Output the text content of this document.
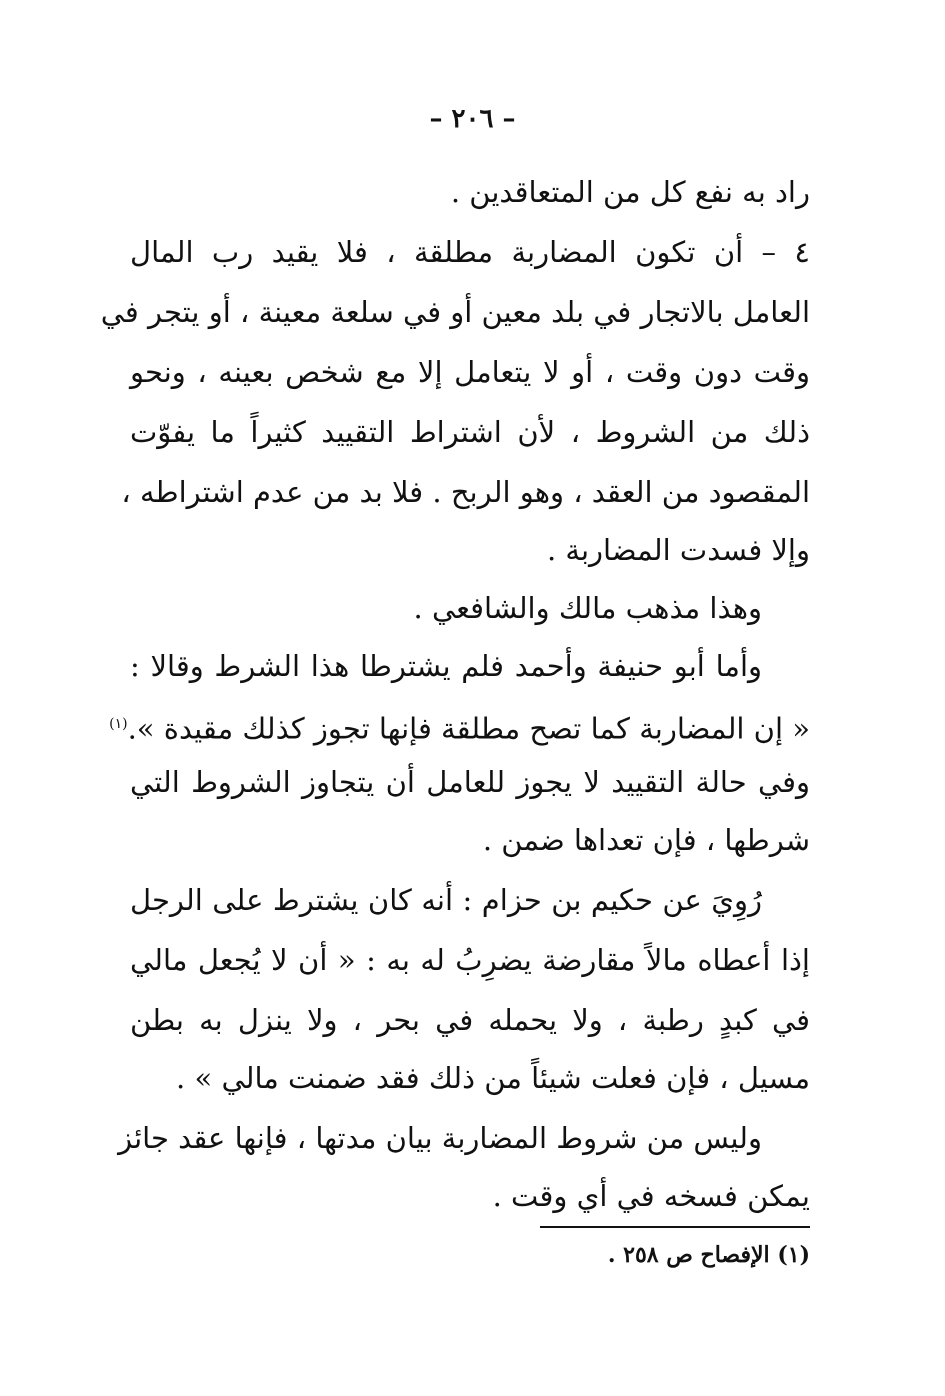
– ٢٠٦ –
راد به نفع كل من المتعاقدين .
٤ – أن تكون المضاربة مطلقة ، فلا يقيد رب المال
العامل بالاتجار في بلد معين أو في سلعة معينة ، أو يتجر في
وقت دون وقت ، أو لا يتعامل إلا مع شخص بعينه ، ونحو
ذلك من الشروط ، لأن اشتراط التقييد كثيراً ما يفوّت
المقصود من العقد ، وهو الربح . فلا بد من عدم اشتراطه ،
وإلا فسدت المضاربة .
وهذا مذهب مالك والشافعي .
وأما أبو حنيفة وأحمد فلم يشترطا هذا الشرط وقالا :
« إن المضاربة كما تصح مطلقة فإنها تجوز كذلك مقيدة ».$^{(١)}$
وفي حالة التقييد لا يجوز للعامل أن يتجاوز الشروط التي
شرطها ، فإن تعداها ضمن .
رُوِيَ عن حكيم بن حزام : أنه كان يشترط على الرجل
إذا أعطاه مالاً مقارضة يضرِبُ له به : « أن لا يُجعل مالي
في كبدٍ رطبة ، ولا يحمله في بحر ، ولا ينزل به بطن
مسيل ، فإن فعلت شيئاً من ذلك فقد ضمنت مالي » .
وليس من شروط المضاربة بيان مدتها ، فإنها عقد جائز
يمكن فسخه في أي وقت .
(١) الإفصاح ص ٢٥٨ .
